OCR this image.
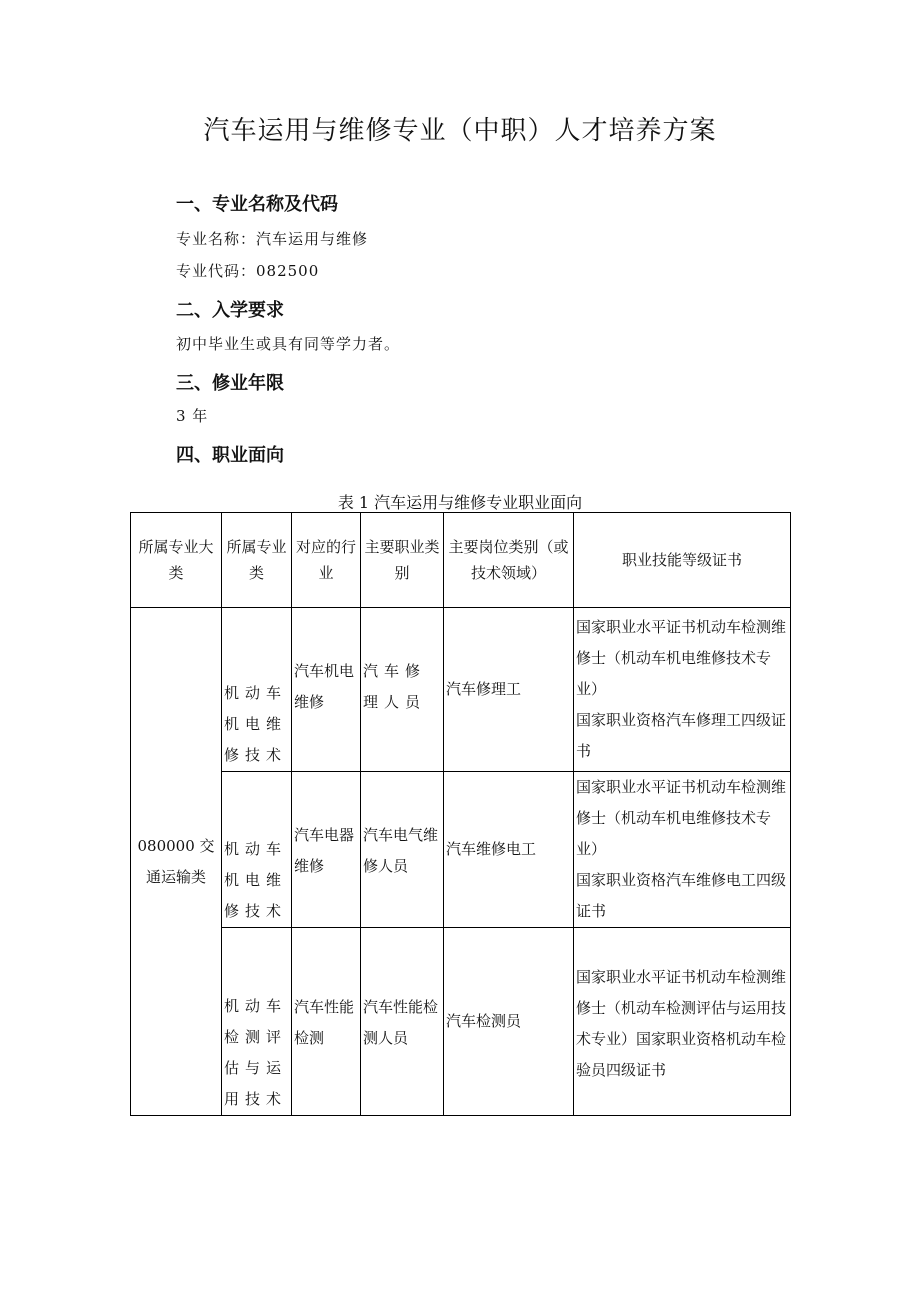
汽车运用与维修专业（中职）人才培养方案
一、专业名称及代码

专业名称：汽车运用与维修

专业代码：082500

二、入学要求

初中毕业生或具有同等学力者。

三、修业年限

3 年

四、职业面向

表 1 汽车运用与维修专业职业面向

所属专业大类	所属专业类	对应的行业	主要职业类别	主要岗位类别（或技术领域）	职业技能等级证书
080000 交通运输类	机动车机电维修技术	汽车机电维修	汽车修理人员	汽车修理工	国家职业水平证书机动车检测维修士（机动车机电维修技术专业）
国家职业资格汽车修理工四级证书

	机动车机电维修技术	汽车电器维修	汽车电气维修人员	汽车维修电工	国家职业水平证书机动车检测维修士（机动车机电维修技术专业）
国家职业资格汽车维修电工四级证书

	机动车检测评估与运用技术	汽车性能检测	汽车性能检测人员	汽车检测员	国家职业水平证书机动车检测维修士（机动车检测评估与运用技术专业）国家职业资格机动车检验员四级证书
